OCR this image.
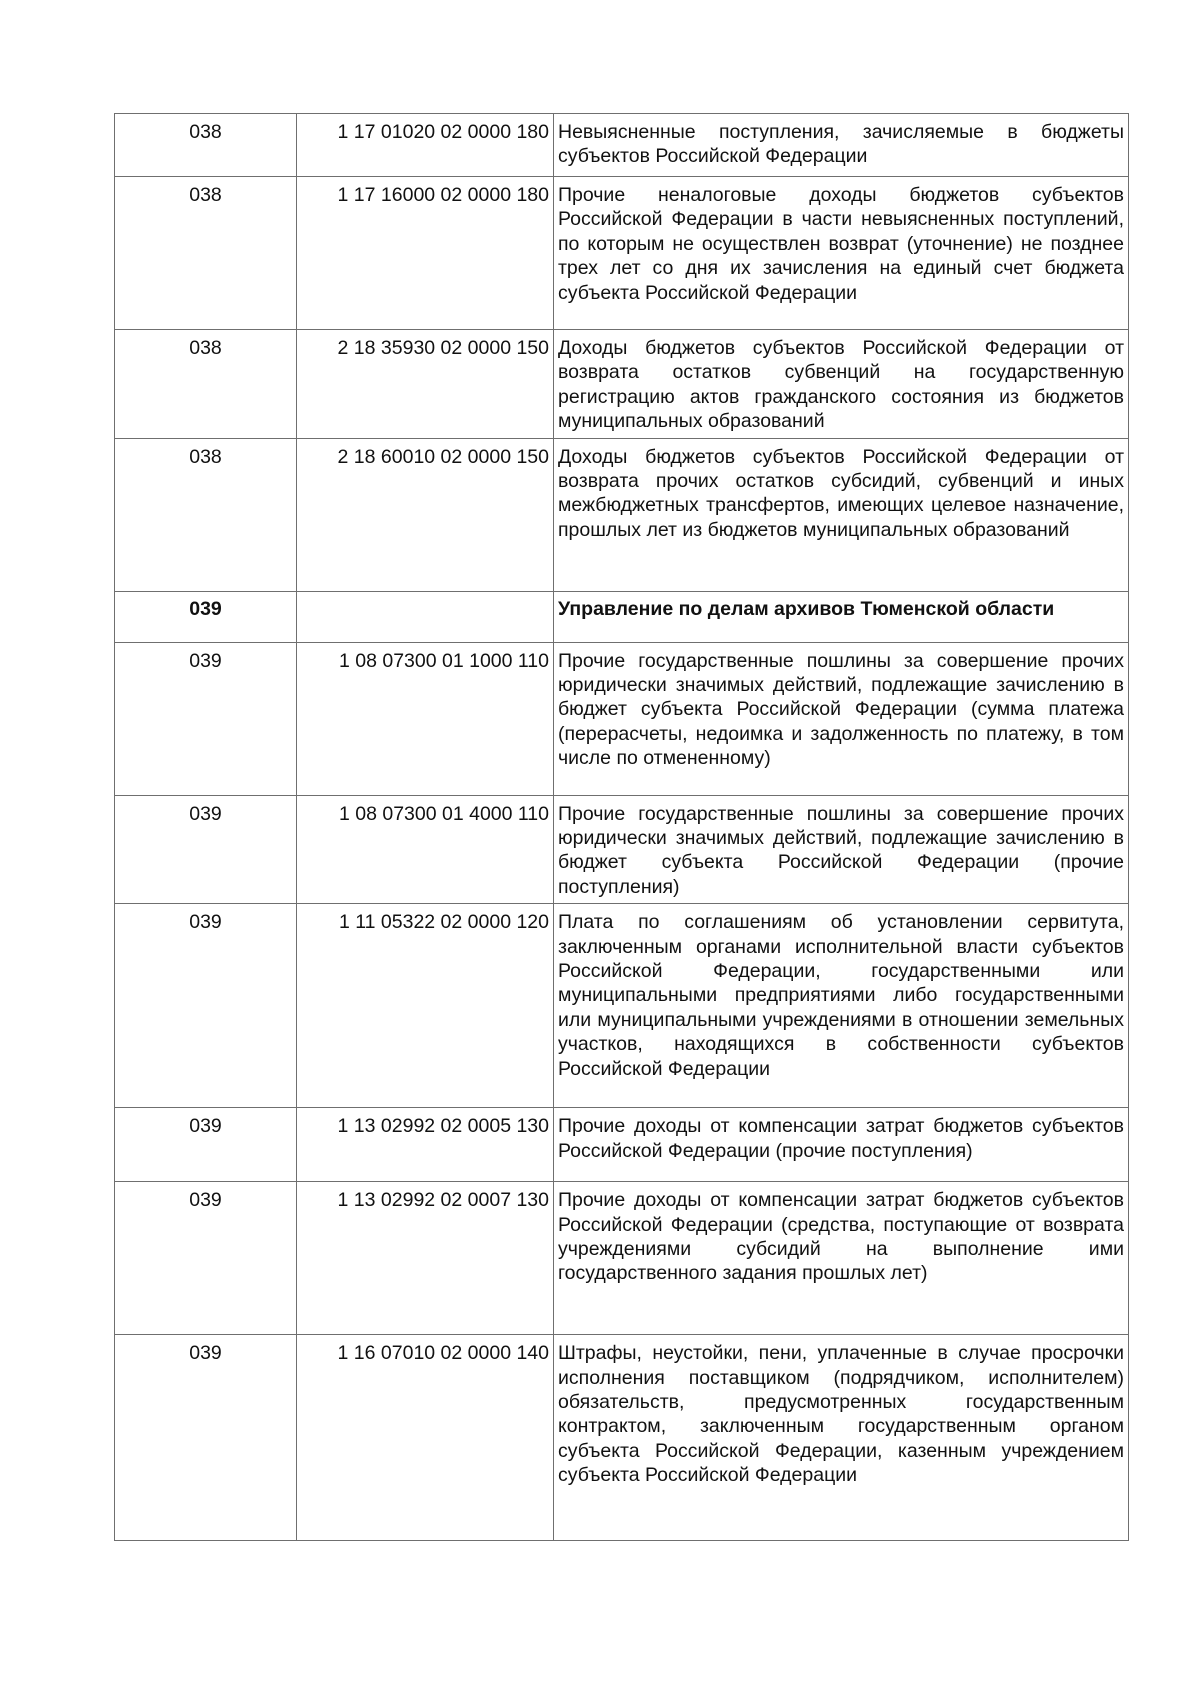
038	1 17 01020 02 0000 180	Невыясненные поступления, зачисляемые в бюджеты субъектов Российской Федерации
038	1 17 16000 02 0000 180	Прочие неналоговые доходы бюджетов субъектов Российской Федерации в части невыясненных поступлений, по которым не осуществлен возврат (уточнение) не позднее трех лет со дня их зачисления на единый счет бюджета субъекта Российской Федерации
038	2 18 35930 02 0000 150	Доходы бюджетов субъектов Российской Федерации от возврата остатков субвенций на государственную регистрацию актов гражданского состояния из бюджетов муниципальных образований
038	2 18 60010 02 0000 150	Доходы бюджетов субъектов Российской Федерации от возврата прочих остатков субсидий, субвенций и иных межбюджетных трансфертов, имеющих целевое назначение, прошлых лет из бюджетов муниципальных образований
039		Управление по делам архивов Тюменской области
039	1 08 07300 01 1000 110	Прочие государственные пошлины за совершение прочих юридически значимых действий, подлежащие зачислению в бюджет субъекта Российской Федерации (сумма платежа (перерасчеты, недоимка и задолженность по платежу, в том числе по отмененному)
039	1 08 07300 01 4000 110	Прочие государственные пошлины за совершение прочих юридически значимых действий, подлежащие зачислению в бюджет субъекта Российской Федерации (прочие поступления)
039	1 11 05322 02 0000 120	Плата по соглашениям об установлении сервитута, заключенным органами исполнительной власти субъектов Российской Федерации, государственными или муниципальными предприятиями либо государственными или муниципальными учреждениями в отношении земельных участков, находящихся в собственности субъектов Российской Федерации
039	1 13 02992 02 0005 130	Прочие доходы от компенсации затрат бюджетов субъектов Российской Федерации (прочие поступления)
039	1 13 02992 02 0007 130	Прочие доходы от компенсации затрат бюджетов субъектов Российской Федерации (средства, поступающие от возврата учреждениями субсидий на выполнение ими государственного задания прошлых лет)
039	1 16 07010 02 0000 140	Штрафы, неустойки, пени, уплаченные в случае просрочки исполнения поставщиком (подрядчиком, исполнителем) обязательств, предусмотренных государственным контрактом, заключенным государственным органом субъекта Российской Федерации, казенным учреждением субъекта Российской Федерации
